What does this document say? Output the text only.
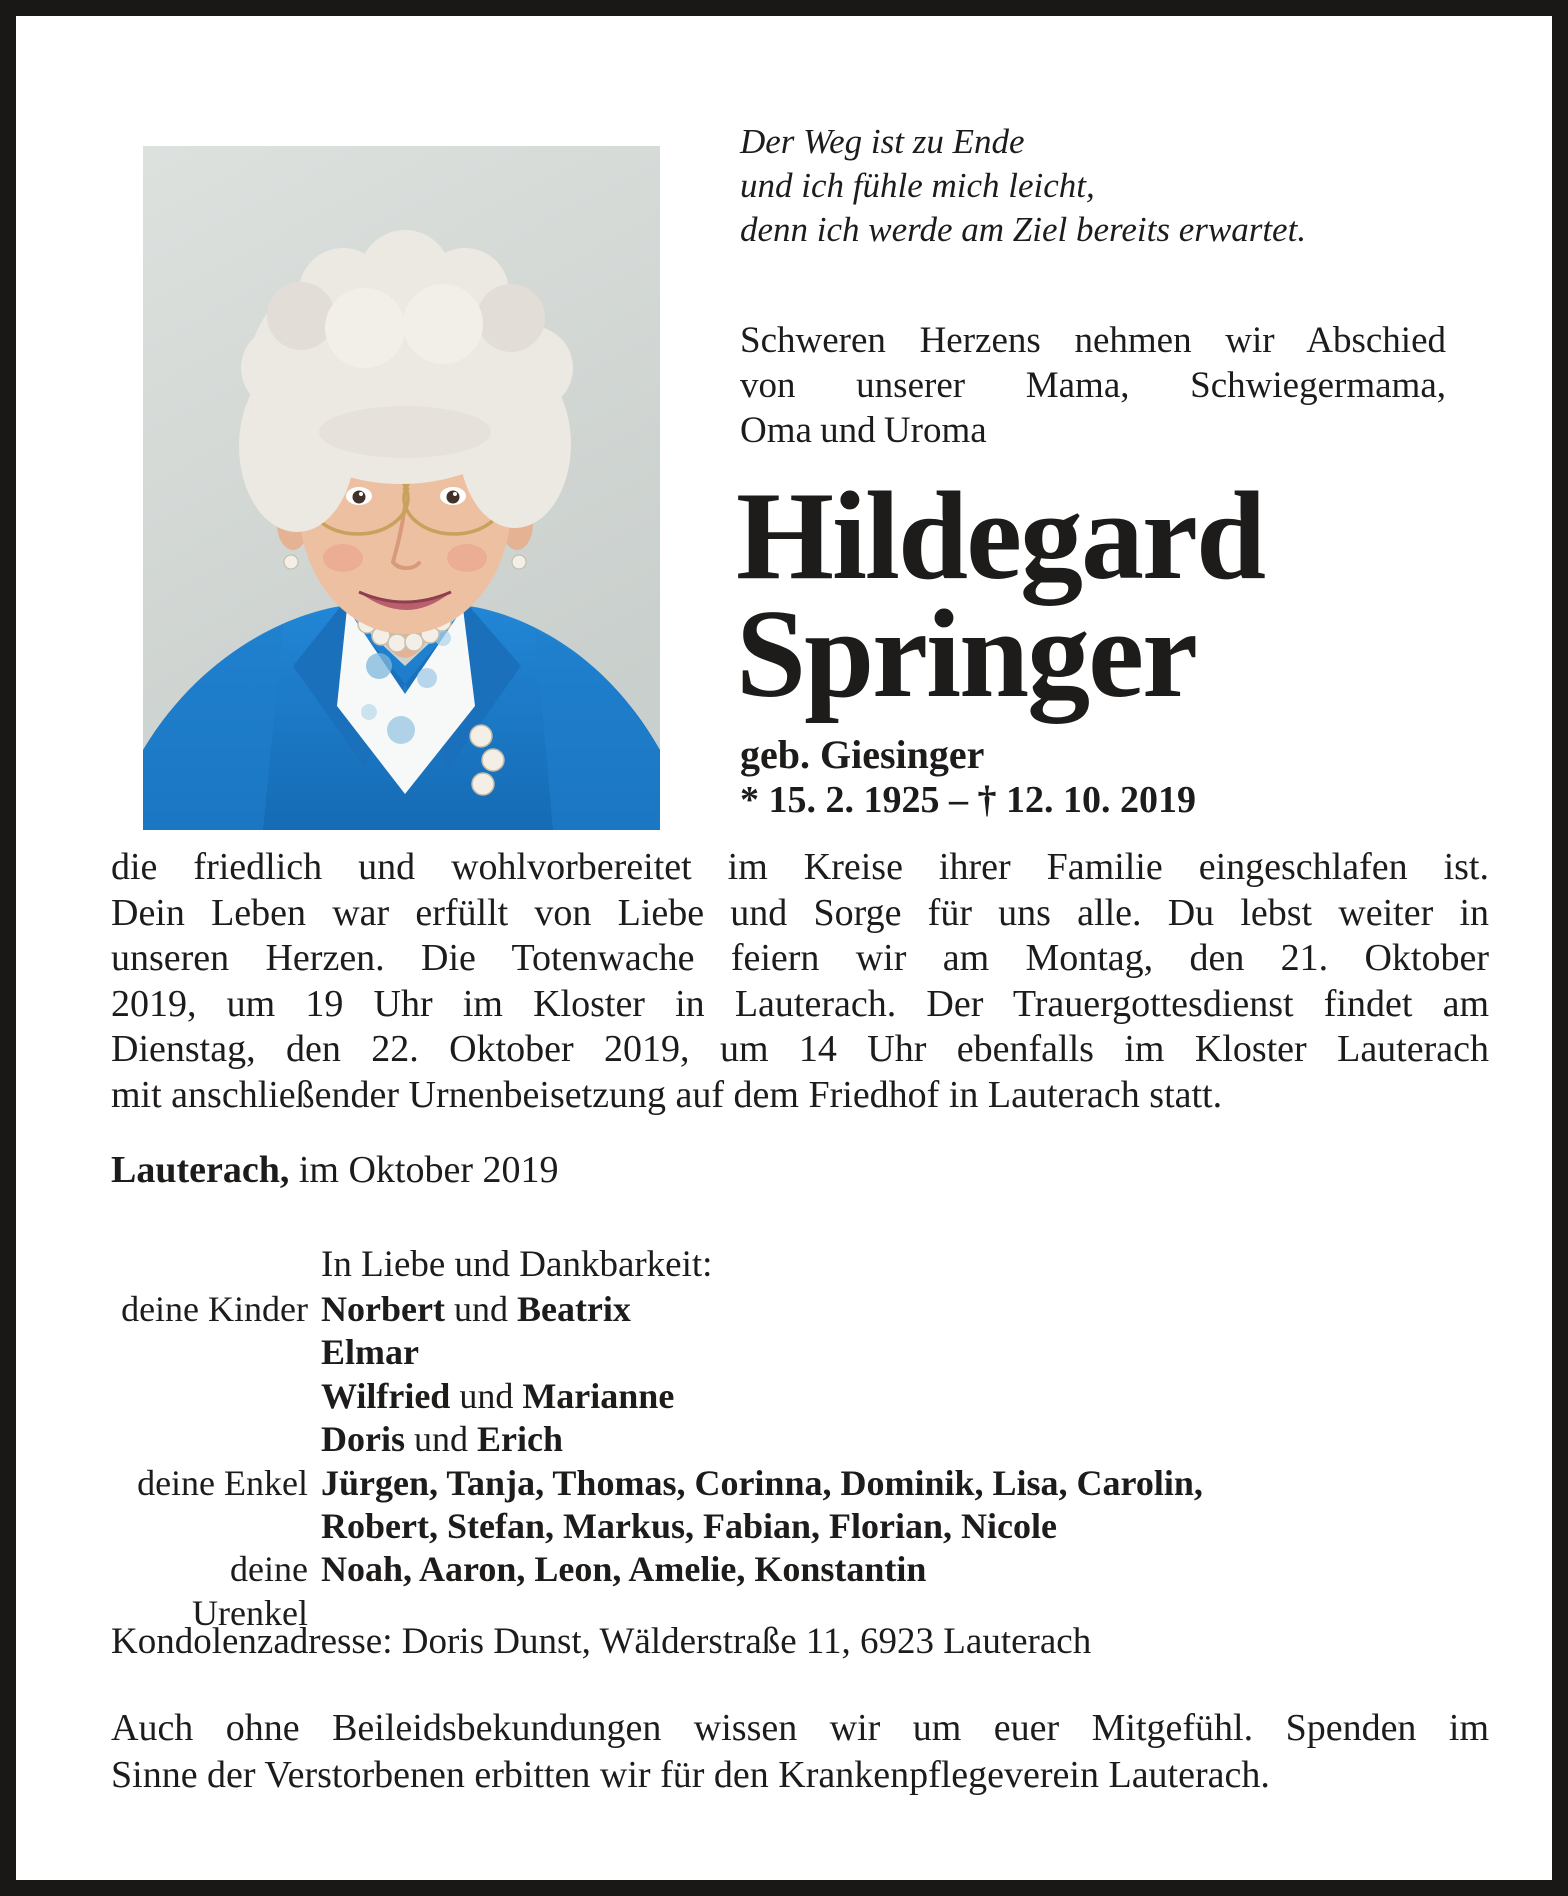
Der Weg ist zu Ende
und ich fühle mich leicht,
denn ich werde am Ziel bereits erwartet.
Schweren Herzens nehmen wir Abschied
von unserer Mama, Schwiegermama,
Oma und Uroma
Hildegard
Springer
geb. Giesinger
* 15. 2. 1925 – † 12. 10. 2019
die friedlich und wohlvorbereitet im Kreise ihrer Familie eingeschlafen ist.
Dein Leben war erfüllt von Liebe und Sorge für uns alle. Du lebst weiter in
unseren Herzen. Die Totenwache feiern wir am Montag, den 21. Oktober
2019, um 19 Uhr im Kloster in Lauterach. Der Trauergottesdienst findet am
Dienstag, den 22. Oktober 2019, um 14 Uhr ebenfalls im Kloster Lauterach
mit anschließender Urnenbeisetzung auf dem Friedhof in Lauterach statt.
Lauterach, im Oktober 2019
In Liebe und Dankbarkeit:
deine Kinder Norbert und Beatrix
Elmar
Wilfried und Marianne
Doris und Erich
deine Enkel Jürgen, Tanja, Thomas, Corinna, Dominik, Lisa, Carolin,
Robert, Stefan, Markus, Fabian, Florian, Nicole
deine Urenkel
Noah, Aaron, Leon, Amelie, Konstantin
Kondolenzadresse: Doris Dunst, Wälderstraße 11, 6923 Lauterach
Auch ohne Beileidsbekundungen wissen wir um euer Mitgefühl. Spenden im
Sinne der Verstorbenen erbitten wir für den Krankenpflegeverein Lauterach.
